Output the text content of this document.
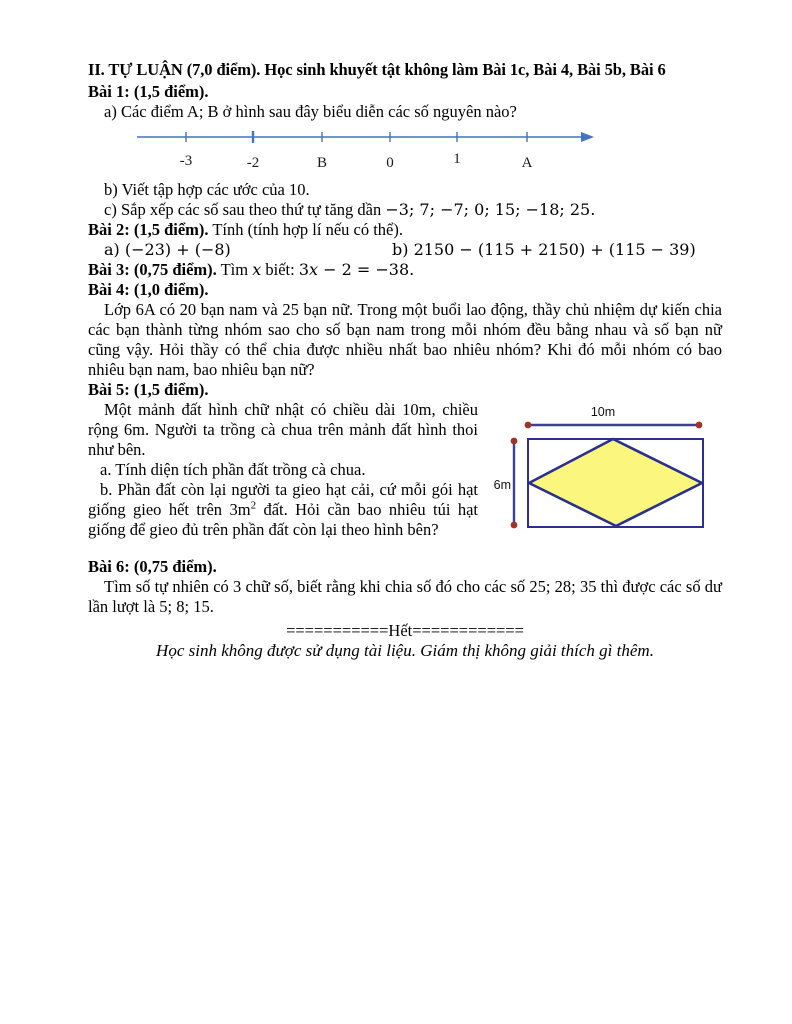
II. TỰ LUẬN (7,0 điểm). Học sinh khuyết tật không làm Bài 1c, Bài 4, Bài 5b, Bài 6
Bài 1: (1,5 điểm).
a) Các điểm A; B ở hình sau đây biểu diễn các số nguyên nào?
-3	-2	B	0	1	A
b) Viết tập hợp các ước của 10.
c) Sắp xếp các số sau theo thứ tự tăng dần −3; 7; −7; 0; 15; −18; 25.
Bài 2: (1,5 điểm). Tính (tính hợp lí nếu có thể).
a) (−23) + (−8)	b) 2150 − (115 + 2150) + (115 − 39)
Bài 3: (0,75 điểm). Tìm x biết: 3x − 2 = −38.
Bài 4: (1,0 điểm).
Lớp 6A có 20 bạn nam và 25 bạn nữ. Trong một buổi lao động, thầy chủ nhiệm dự kiến chia các bạn thành từng nhóm sao cho số bạn nam trong mỗi nhóm đều bằng nhau và số bạn nữ cũng vậy. Hỏi thầy có thể chia được nhiều nhất bao nhiêu nhóm? Khi đó mỗi nhóm có bao nhiêu bạn nam, bao nhiêu bạn nữ?
Bài 5: (1,5 điểm).
Một mảnh đất hình chữ nhật có chiều dài 10m, chiều rộng 6m. Người ta trồng cà chua trên mảnh đất hình thoi như bên.
a. Tính diện tích phần đất trồng cà chua.
b. Phần đất còn lại người ta gieo hạt cải, cứ mỗi gói hạt giống gieo hết trên $3m^2$ đất. Hỏi cần bao nhiêu túi hạt giống để gieo đủ trên phần đất còn lại theo hình bên?
10m
6m
Bài 6: (0,75 điểm).
Tìm số tự nhiên có 3 chữ số, biết rằng khi chia số đó cho các số 25; 28; 35 thì được các số dư lần lượt là 5; 8; 15.
===========Hết============
Học sinh không được sử dụng tài liệu. Giám thị không giải thích gì thêm.
